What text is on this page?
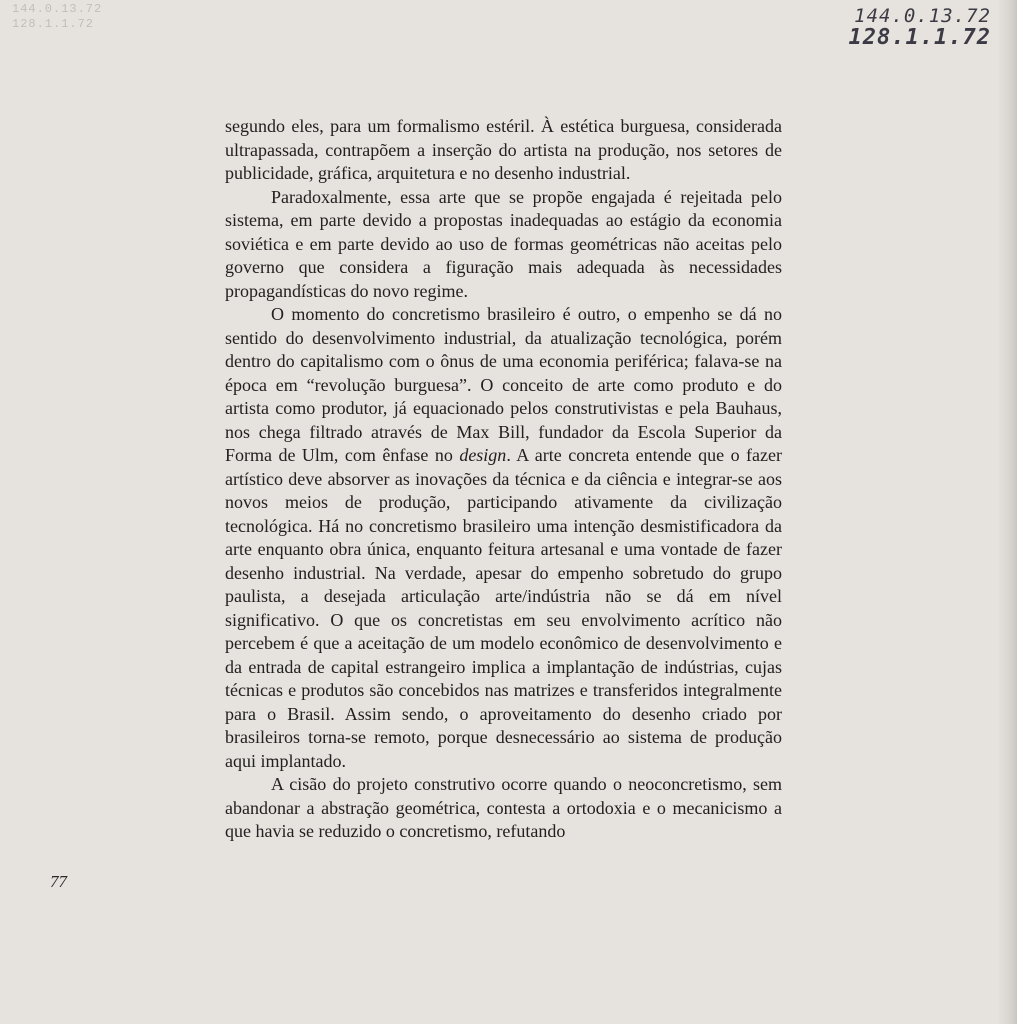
144.0.13.72
128.1.1.72	144.0.13.72
128.1.1.72

segundo eles, para um formalismo estéril. À estética burguesa, considerada ultrapassada, contrapõem a inserção do artista na produção, nos setores de publicidade, gráfica, arquitetura e no desenho industrial.

Paradoxalmente, essa arte que se propõe engajada é rejeitada pelo sistema, em parte devido a propostas inadequadas ao estágio da economia soviética e em parte devido ao uso de formas geométricas não aceitas pelo governo que considera a figuração mais adequada às necessidades propagandísticas do novo regime.

O momento do concretismo brasileiro é outro, o empenho se dá no sentido do desenvolvimento industrial, da atualização tecnológica, porém dentro do capitalismo com o ônus de uma economia periférica; falava-se na época em “revolução burguesa”. O conceito de arte como produto e do artista como produtor, já equacionado pelos construtivistas e pela Bauhaus, nos chega filtrado através de Max Bill, fundador da Escola Superior da Forma de Ulm, com ênfase no design. A arte concreta entende que o fazer artístico deve absorver as inovações da técnica e da ciência e integrar-se aos novos meios de produção, participando ativamente da civilização tecnológica. Há no concretismo brasileiro uma intenção desmistificadora da arte enquanto obra única, enquanto feitura artesanal e uma vontade de fazer desenho industrial. Na verdade, apesar do empenho sobretudo do grupo paulista, a desejada articulação arte/indústria não se dá em nível significativo. O que os concretistas em seu envolvimento acrítico não percebem é que a aceitação de um modelo econômico de desenvolvimento e da entrada de capital estrangeiro implica a implantação de indústrias, cujas técnicas e produtos são concebidos nas matrizes e transferidos integralmente para o Brasil. Assim sendo, o aproveitamento do desenho criado por brasileiros torna-se remoto, porque desnecessário ao sistema de produção aqui implantado.

A cisão do projeto construtivo ocorre quando o neoconcretismo, sem abandonar a abstração geométrica, contesta a ortodoxia e o mecanicismo a que havia se reduzido o concretismo, refutando

77
